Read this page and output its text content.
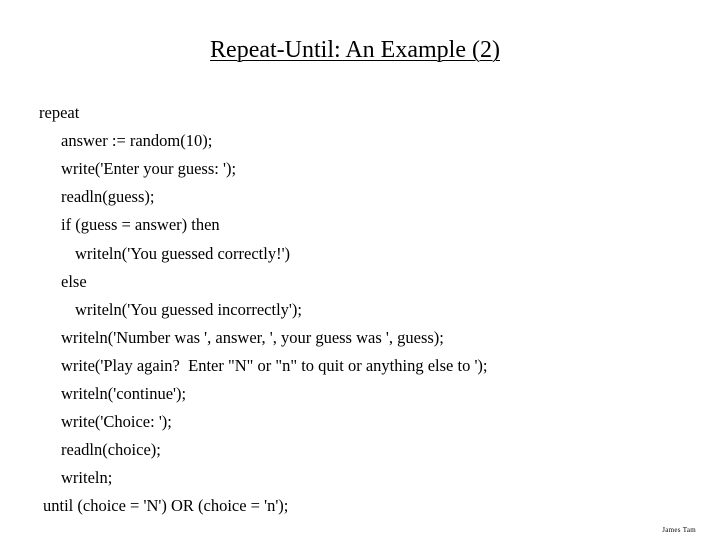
Repeat-Until: An Example (2)
repeat
answer := random(10);
write('Enter your guess: ');
readln(guess);
if (guess = answer) then
writeln('You guessed correctly!')
else
writeln('You guessed incorrectly');
writeln('Number was ', answer, ', your guess was ', guess);
write('Play again?  Enter "N" or "n" to quit or anything else to ');
writeln('continue');
write('Choice: ');
readln(choice);
writeln;
until (choice = 'N') OR (choice = 'n');
James Tam
